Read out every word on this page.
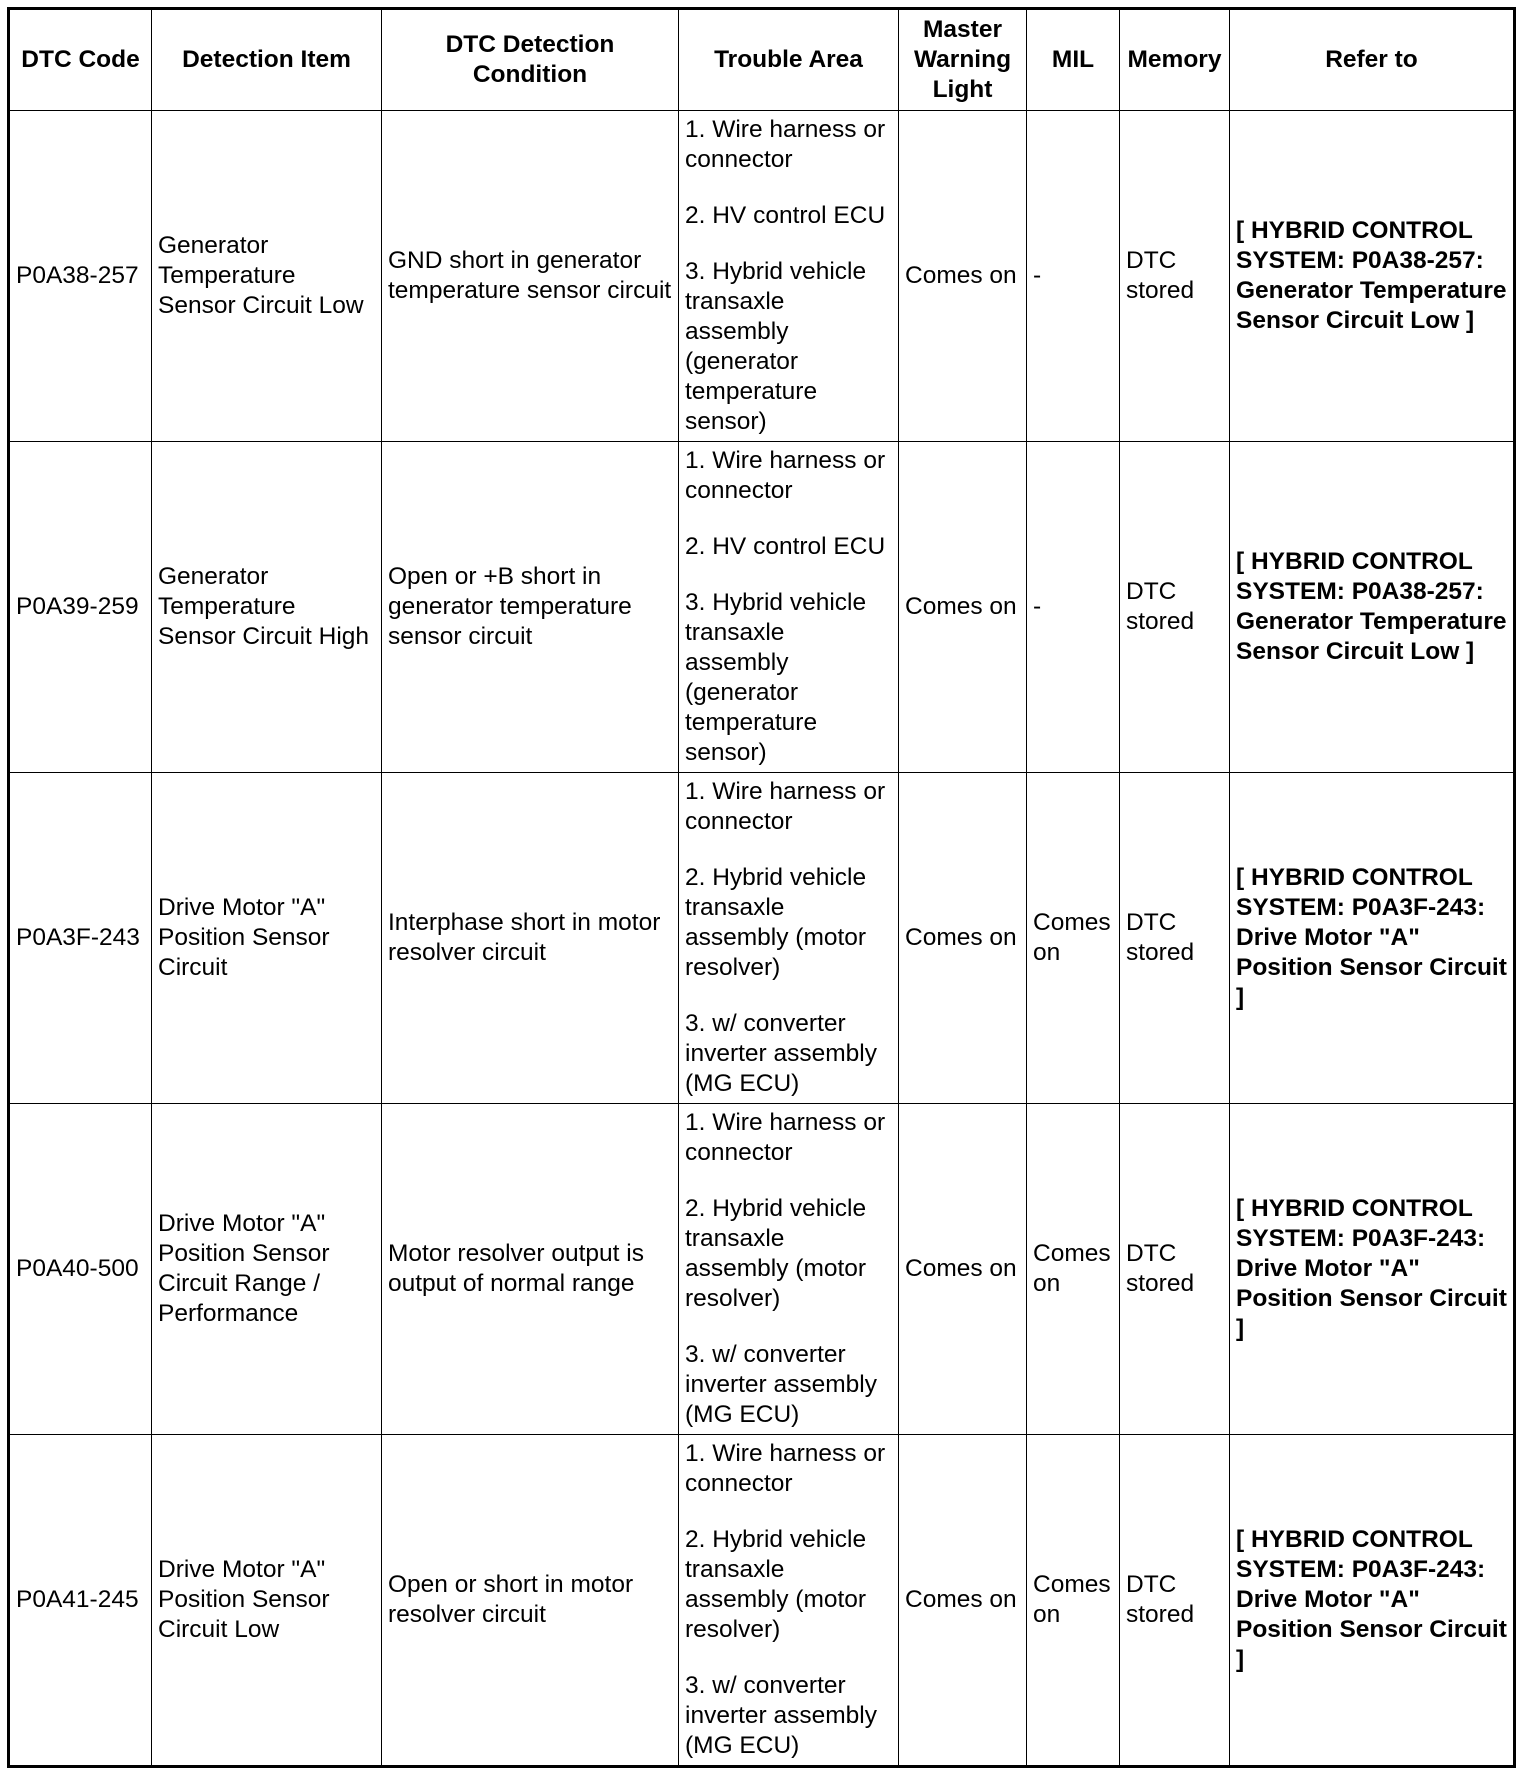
DTC Code	Detection Item	DTC Detection Condition	Trouble Area	Master Warning Light	MIL	Memory	Refer to
P0A38-257	Generator Temperature Sensor Circuit Low	GND short in generator temperature sensor circuit	1. Wire harness or connector
2. HV control ECU
3. Hybrid vehicle transaxle assembly (generator temperature sensor)	Comes on	-	DTC stored	[ HYBRID CONTROL SYSTEM: P0A38-257: Generator Temperature Sensor Circuit Low ]
P0A39-259	Generator Temperature Sensor Circuit High	Open or +B short in generator temperature sensor circuit	1. Wire harness or connector
2. HV control ECU
3. Hybrid vehicle transaxle assembly (generator temperature sensor)	Comes on	-	DTC stored	[ HYBRID CONTROL SYSTEM: P0A38-257: Generator Temperature Sensor Circuit Low ]
P0A3F-243	Drive Motor "A" Position Sensor Circuit	Interphase short in motor resolver circuit	1. Wire harness or connector
2. Hybrid vehicle transaxle assembly (motor resolver)
3. w/ converter inverter assembly (MG ECU)	Comes on	Comes on	DTC stored	[ HYBRID CONTROL SYSTEM: P0A3F-243: Drive Motor "A" Position Sensor Circuit ]
P0A40-500	Drive Motor "A" Position Sensor Circuit Range / Performance	Motor resolver output is output of normal range	1. Wire harness or connector
2. Hybrid vehicle transaxle assembly (motor resolver)
3. w/ converter inverter assembly (MG ECU)	Comes on	Comes on	DTC stored	[ HYBRID CONTROL SYSTEM: P0A3F-243: Drive Motor "A" Position Sensor Circuit ]
P0A41-245	Drive Motor "A" Position Sensor Circuit Low	Open or short in motor resolver circuit	1. Wire harness or connector
2. Hybrid vehicle transaxle assembly (motor resolver)
3. w/ converter inverter assembly (MG ECU)	Comes on	Comes on	DTC stored	[ HYBRID CONTROL SYSTEM: P0A3F-243: Drive Motor "A" Position Sensor Circuit ]
